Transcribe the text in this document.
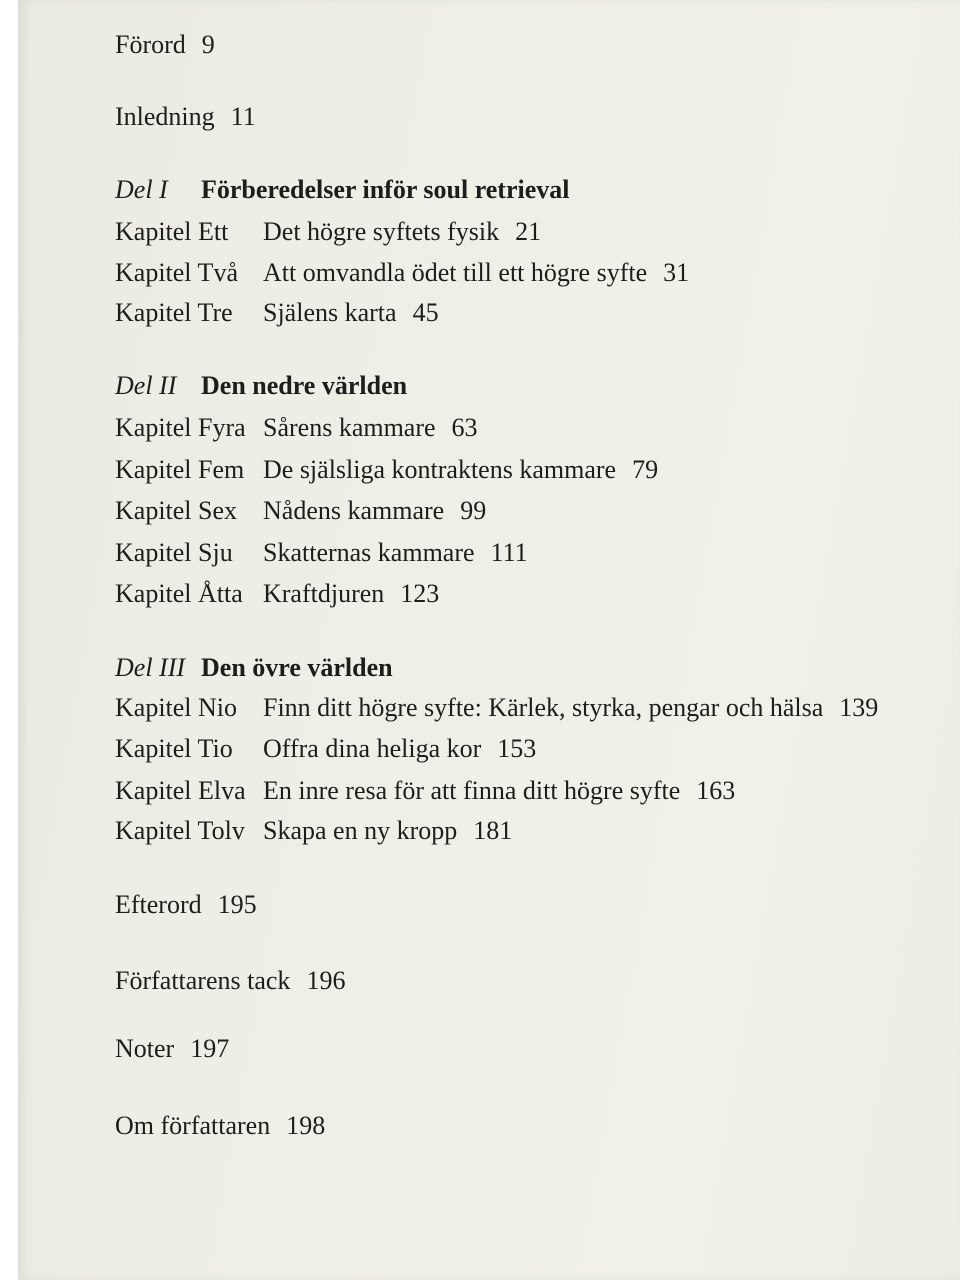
Förord 9
Inledning 11
Del I Förberedelser inför soul retrieval
Kapitel Ett Det högre syftets fysik 21
Kapitel Två Att omvandla ödet till ett högre syfte 31
Kapitel Tre Själens karta 45
Del II Den nedre världen
Kapitel Fyra Sårens kammare 63
Kapitel Fem De själsliga kontraktens kammare 79
Kapitel Sex Nådens kammare 99
Kapitel Sju Skatternas kammare 111
Kapitel Åtta Kraftdjuren 123
Del III Den övre världen
Kapitel Nio Finn ditt högre syfte: Kärlek, styrka, pengar och hälsa 139
Kapitel Tio Offra dina heliga kor 153
Kapitel Elva En inre resa för att finna ditt högre syfte 163
Kapitel Tolv Skapa en ny kropp 181
Efterord 195
Författarens tack 196
Noter 197
Om författaren 198
